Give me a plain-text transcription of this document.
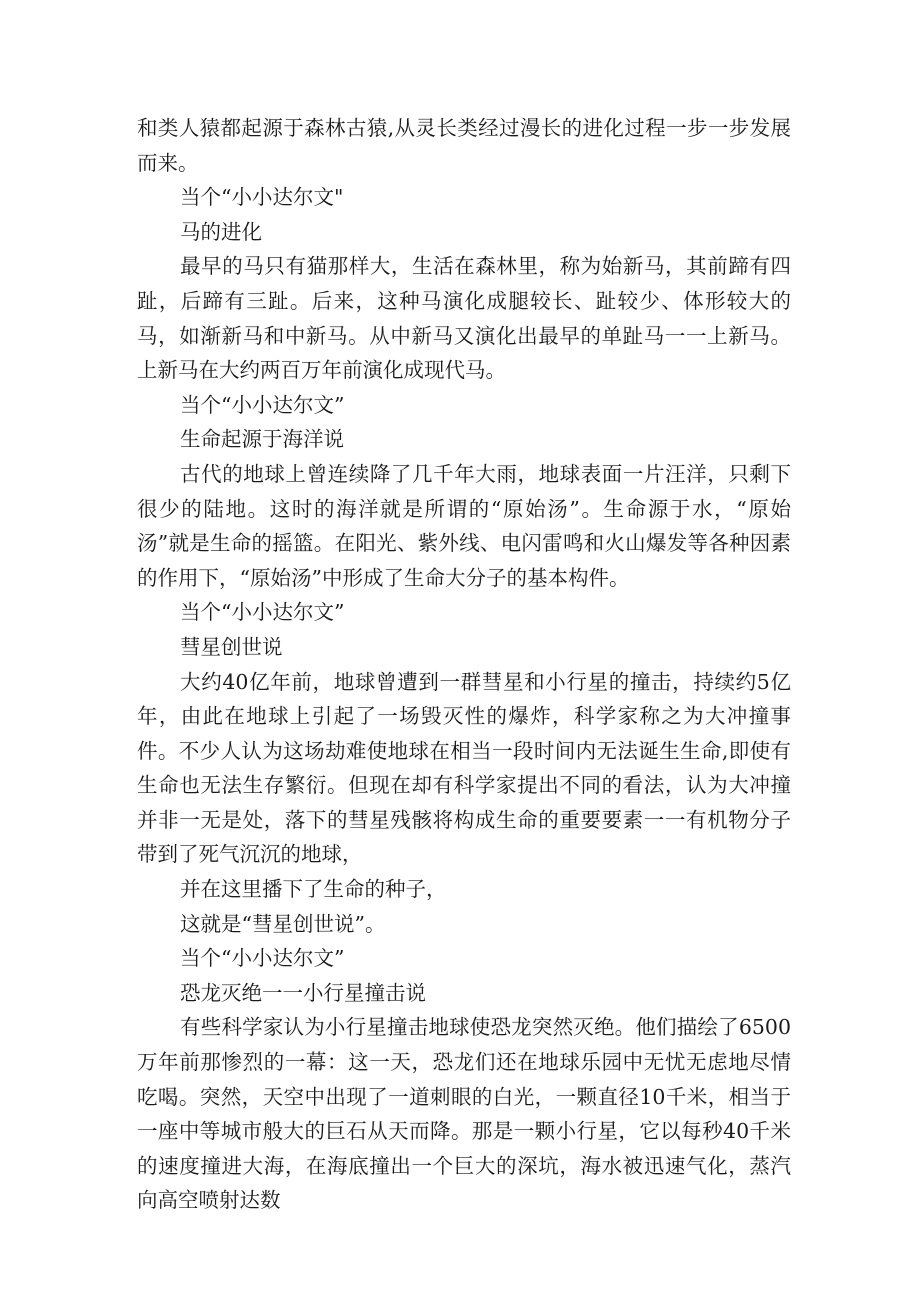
和类人猿都起源于森林古猿,从灵长类经过漫长的进化过程一步一步发展而来。

当个“小小达尔文"

马的进化

最早的马只有猫那样大，生活在森林里，称为始新马，其前蹄有四趾，后蹄有三趾。后来，这种马演化成腿较长、趾较少、体形较大的马，如渐新马和中新马。从中新马又演化出最早的单趾马一一上新马。上新马在大约两百万年前演化成现代马。

当个“小小达尔文”

生命起源于海洋说

古代的地球上曾连续降了几千年大雨，地球表面一片汪洋，只剩下很少的陆地。这时的海洋就是所谓的“原始汤”。生命源于水，“原始汤”就是生命的摇篮。在阳光、紫外线、电闪雷鸣和火山爆发等各种因素的作用下，“原始汤”中形成了生命大分子的基本构件。

当个“小小达尔文”

彗星创世说

大约40亿年前，地球曾遭到一群彗星和小行星的撞击，持续约5亿年，由此在地球上引起了一场毁灭性的爆炸，科学家称之为大冲撞事件。不少人认为这场劫难使地球在相当一段时间内无法诞生生命,即使有生命也无法生存繁衍。但现在却有科学家提出不同的看法，认为大冲撞并非一无是处，落下的彗星残骸将构成生命的重要要素一一有机物分子带到了死气沉沉的地球，

并在这里播下了生命的种子，

这就是“彗星创世说”。

当个“小小达尔文”

恐龙灭绝一一小行星撞击说

有些科学家认为小行星撞击地球使恐龙突然灭绝。他们描绘了6500万年前那惨烈的一幕：这一天，恐龙们还在地球乐园中无忧无虑地尽情吃喝。突然，天空中出现了一道刺眼的白光，一颗直径10千米，相当于一座中等城市般大的巨石从天而降。那是一颗小行星，它以每秒40千米的速度撞进大海，在海底撞出一个巨大的深坑，海水被迅速气化，蒸汽向高空喷射达数
